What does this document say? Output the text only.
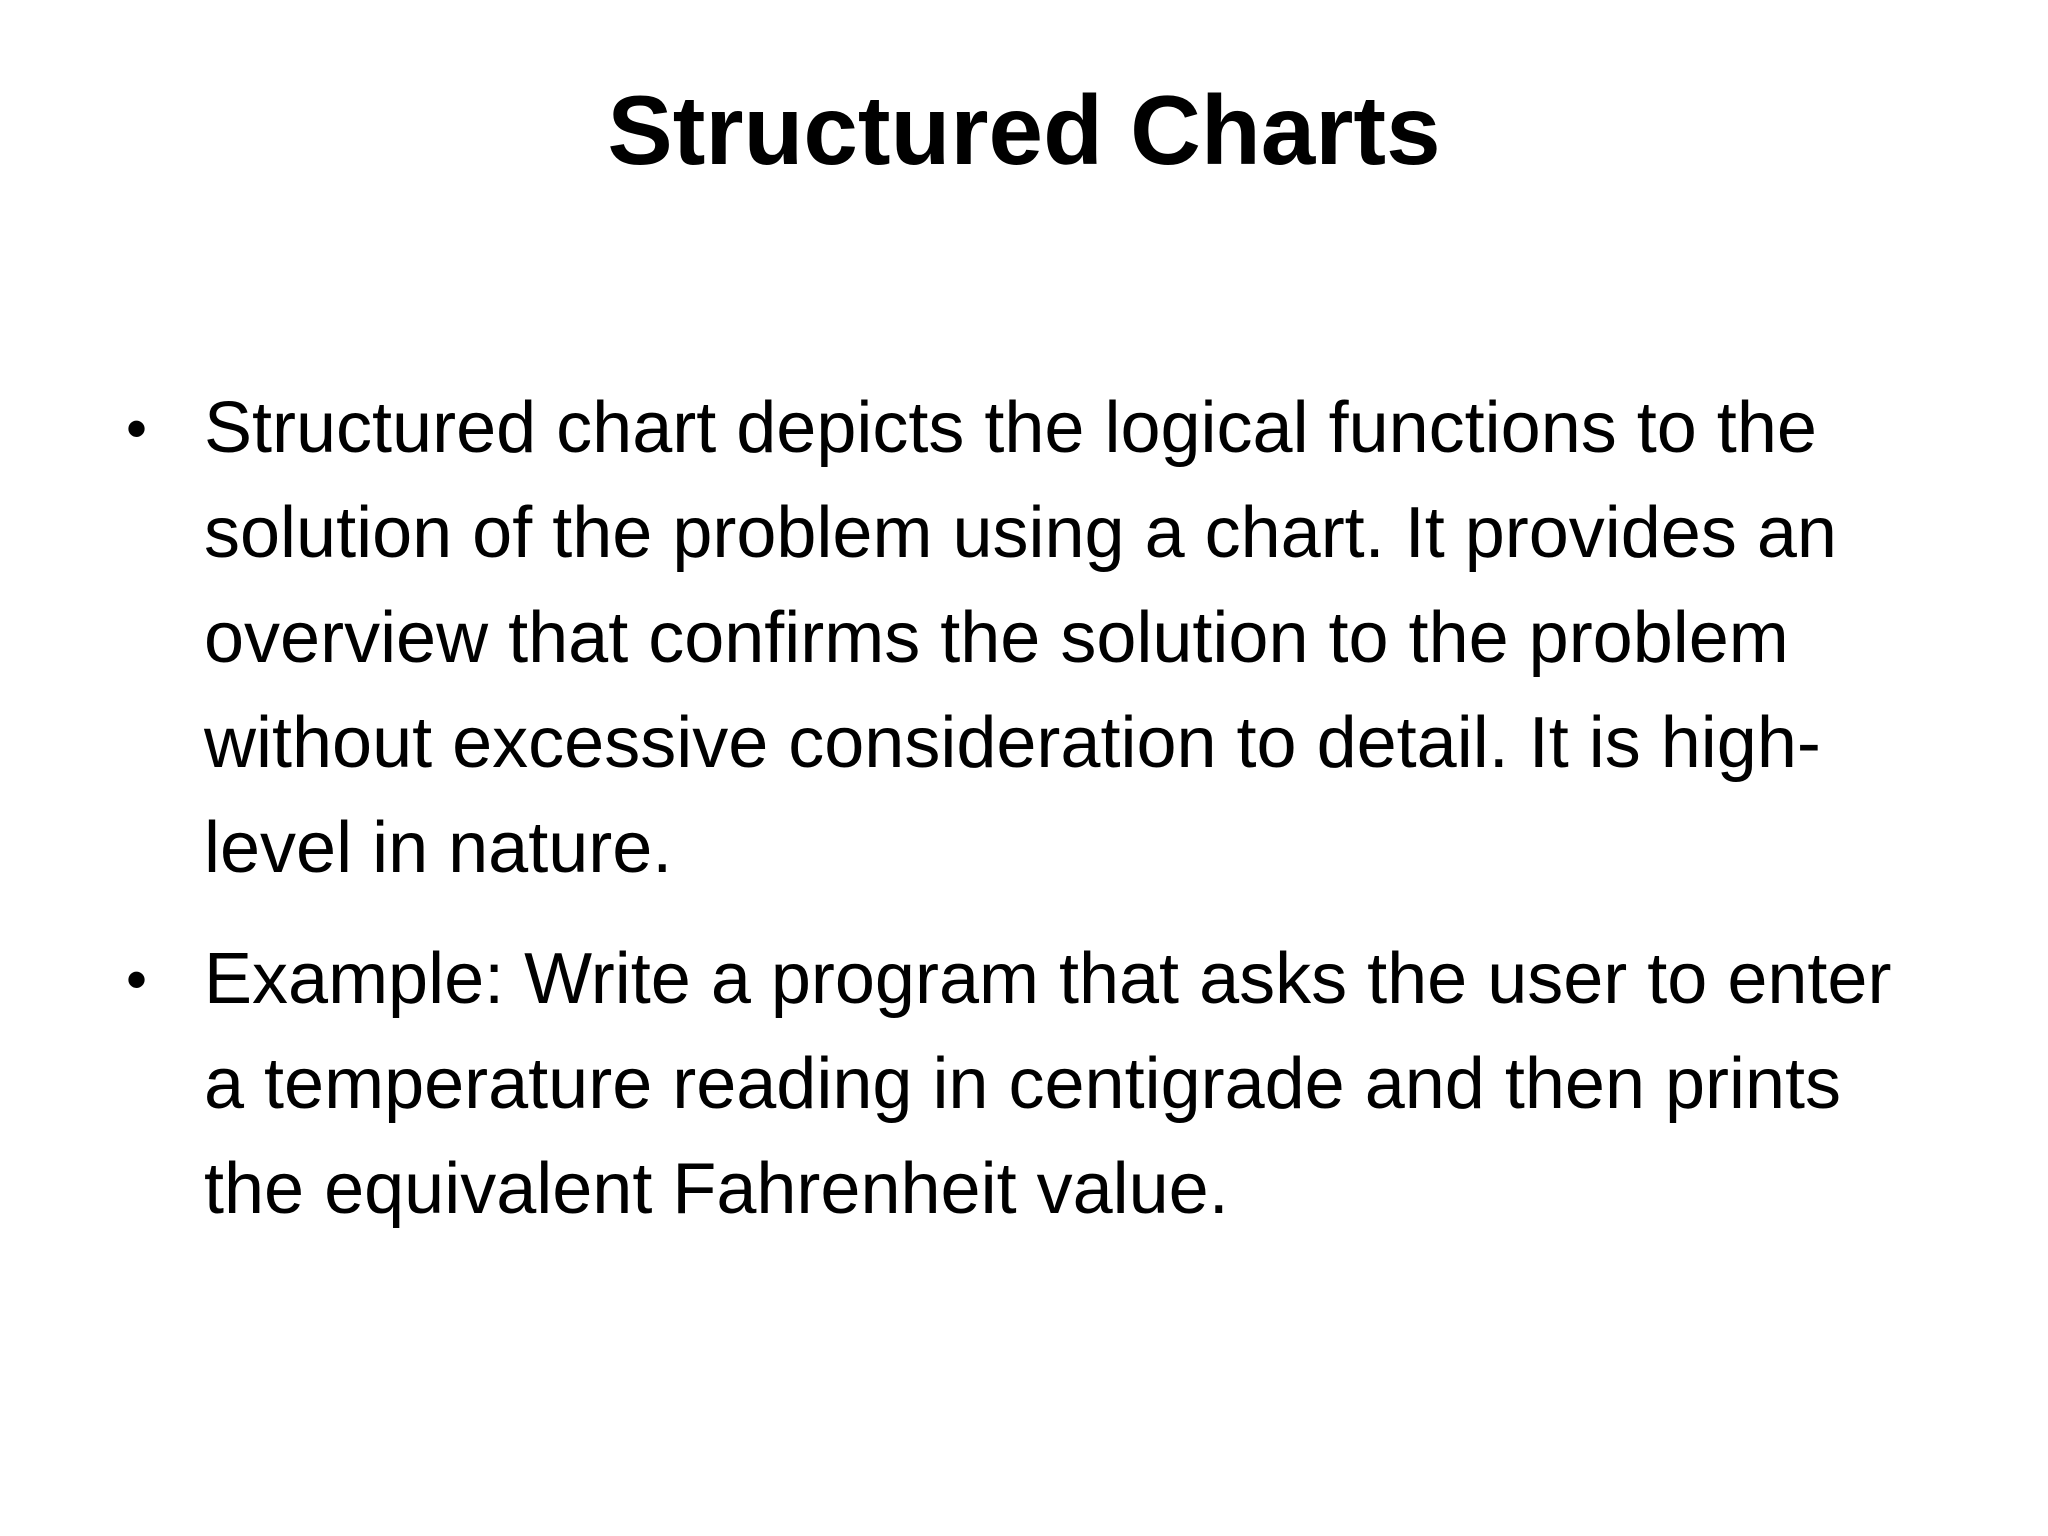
Structured Charts
• Structured chart depicts the logical functions to the solution of the problem using a chart. It provides an overview that confirms the solution to the problem without excessive consideration to detail. It is high-level in nature.
• Example: Write a program that asks the user to enter a temperature reading in centigrade and then prints the equivalent Fahrenheit value.
